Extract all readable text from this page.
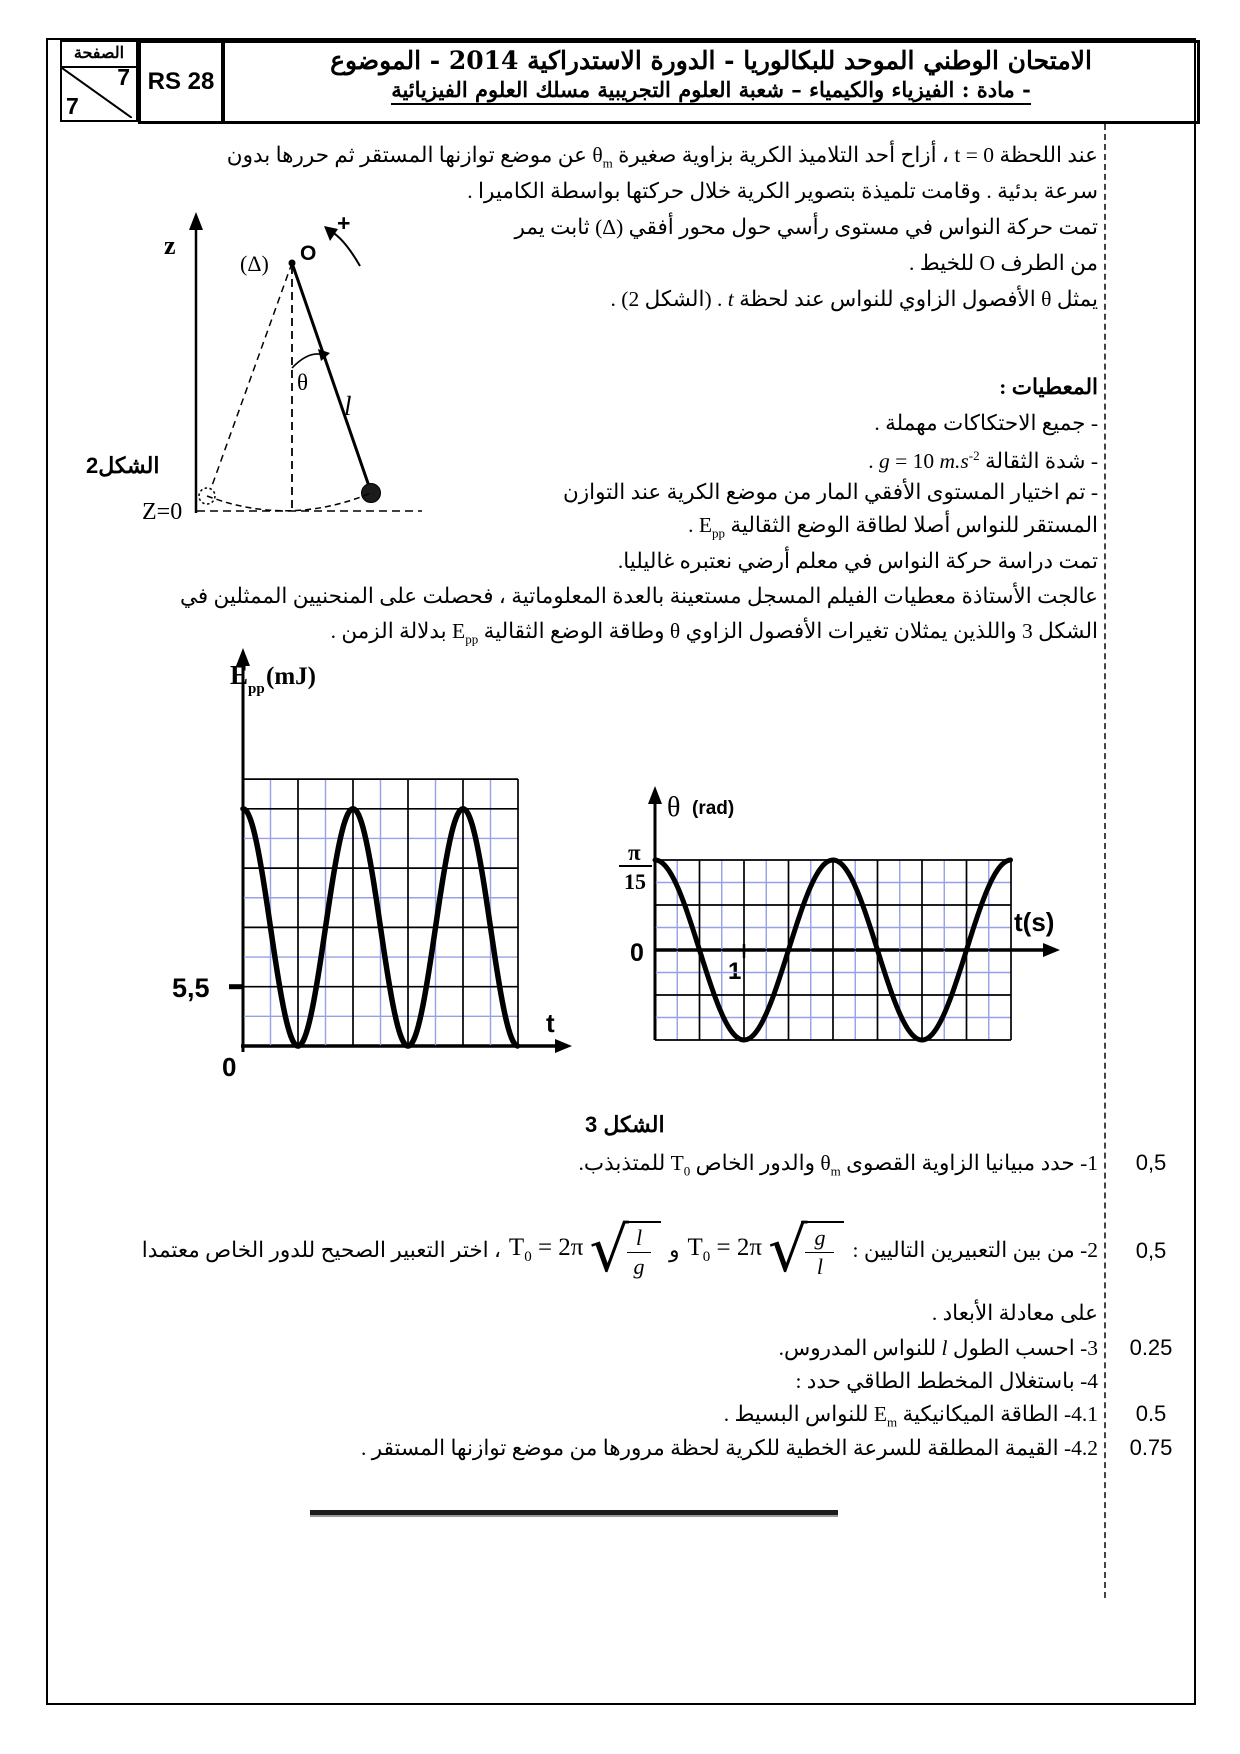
الصفحة
7
7
RS 28
الامتحان الوطني الموحد للبكالوريا - الدورة الاستدراكية 2014 - الموضوع
- مادة : الفيزياء والكيمياء – شعبة العلوم التجريبية مسلك العلوم الفيزيائية
عند اللحظة t = 0 ، أزاح أحد التلاميذ الكرية بزاوية صغيرة $\theta_m$ عن موضع توازنها المستقر ثم حررها بدون
سرعة بدئية . وقامت تلميذة بتصوير الكرية خلال حركتها بواسطة الكاميرا .
تمت حركة النواس في مستوى رأسي حول محور أفقي (Δ) ثابت يمر
من الطرف O للخيط .
يمثل θ الأفصول الزاوي للنواس عند لحظة t . (الشكل 2) .
z
Z=0
(Δ) O
θ
l
+
الشكل2
المعطيات :
- جميع الاحتكاكات مهملة .
- شدة الثقالة g = 10 $m.s^{-2}$ .
- تم اختيار المستوى الأفقي المار من موضع الكرية عند التوازن
المستقر للنواس أصلا لطاقة الوضع الثقالية $E_{pp}$ .
تمت دراسة حركة النواس في معلم أرضي نعتبره غاليليا.
عالجت الأستاذة معطيات الفيلم المسجل مستعينة بالعدة المعلوماتية ، فحصلت على المنحنيين الممثلين في
الشكل 3 واللذين يمثلان تغيرات الأفصول الزاوي θ وطاقة الوضع الثقالية $E_{pp}$ بدلالة الزمن .
E pp (mJ)
5,5
0
t
θ (rad)
π
15
0
1
t(s)
الشكل 3
1- حدد مبيانيا الزاوية القصوى $\theta_m$ والدور الخاص $T_0$ للمتذبذب.	0,5
2- من بين التعبيرين التاليين :
$T_0 = 2\pi$ √ g
l
و
$T_0 = 2\pi$ √ l
g
، اختر التعبير الصحيح للدور الخاص معتمدا	0,5
على معادلة الأبعاد .
3- احسب الطول l للنواس المدروس.	0.25
4- باستغلال المخطط الطاقي حدد :
4.1- الطاقة الميكانيكية $E_m$ للنواس البسيط .	0.5
4.2- القيمة المطلقة للسرعة الخطية للكرية لحظة مرورها من موضع توازنها المستقر .	0.75
